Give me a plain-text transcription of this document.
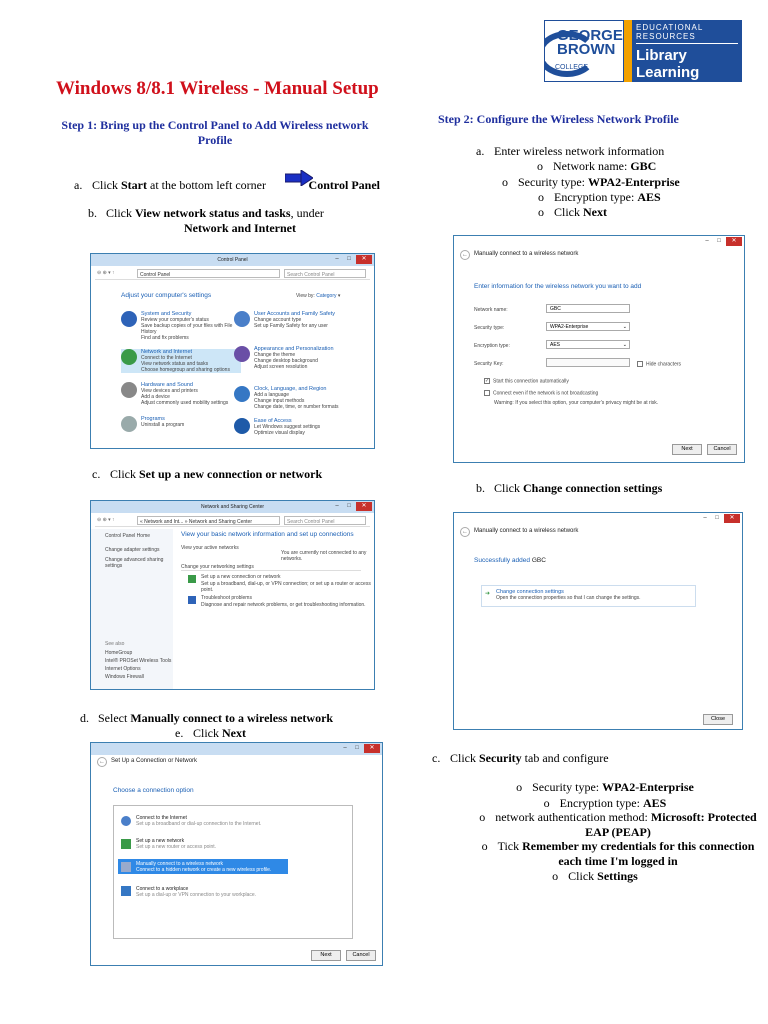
GEORGE
BROWN
COLLEGE
EDUCATIONAL RESOURCES
Library Learning
Commons
Windows 8/8.1 Wireless - Manual Setup
Step 1: Bring up the Control Panel to Add Wireless network Profile
a. Click Start at the bottom left corner	Control Panel
b. Click View network status and tasks, under
Network and Internet
Control Panel	–	□	✕
⊖ ⊕ ▾ ↑	Control Panel	Search Control Panel
Adjust your computer's settings	View by: Category ▾
System and Security
Review your computer's status
Save backup copies of your files with File History
Find and fix problems
Network and Internet
Connect to the Internet
View network status and tasks
Choose homegroup and sharing options
Hardware and Sound
View devices and printers
Add a device
Adjust commonly used mobility settings
Programs
Uninstall a program
User Accounts and Family Safety
Change account type
Set up Family Safety for any user
Appearance and Personalization
Change the theme
Change desktop background
Adjust screen resolution
Clock, Language, and Region
Add a language
Change input methods
Change date, time, or number formats
Ease of Access
Let Windows suggest settings
Optimize visual display
c. Click Set up a new connection or network
Network and Sharing Center	–	□	✕
⊖ ⊕ ▾ ↑	« Network and Int... » Network and Sharing Center	Search Control Panel
Control Panel Home
Change adapter settings
Change advanced sharing settings
See also
HomeGroup
Intel® PROSet Wireless Tools
Internet Options
Windows Firewall
View your basic network information and set up connections
View your active networks
You are currently not connected to any networks.
Change your networking settings
Set up a new connection or network
Set up a broadband, dial-up, or VPN connection; or set up a router or access point.
Troubleshoot problems
Diagnose and repair network problems, or get troubleshooting information.
d. Select Manually connect to a wireless network
e. Click Next
–	□	✕
←	Set Up a Connection or Network
Choose a connection option
Connect to the Internet
Set up a broadband or dial-up connection to the Internet.
Set up a new network
Set up a new router or access point.
Manually connect to a wireless network
Connect to a hidden network or create a new wireless profile.
Connect to a workplace
Set up a dial-up or VPN connection to your workplace.
Next	Cancel
Step 2: Configure the Wireless Network Profile
a. Enter wireless network information
o Network name: GBC
o Security type: WPA2-Enterprise
o Encryption type: AES
o Click Next
–	□	✕
←	Manually connect to a wireless network
Enter information for the wireless network you want to add
Network name:	GBC
Security type:	WPA2-Enterprise	⌄
Encryption type:	AES	⌄
Security Key:	Hide characters
✓ Start this connection automatically
Connect even if the network is not broadcasting
Warning: If you select this option, your computer's privacy might be at risk.
Next	Cancel
b. Click Change connection settings
–	□	✕
←	Manually connect to a wireless network
Successfully added GBC
➜ Change connection settings
Open the connection properties so that I can change the settings.
Close
c. Click Security tab and configure
o Security type: WPA2-Enterprise
o Encryption type: AES
o network authentication method: Microsoft: Protected EAP (PEAP)
o Tick Remember my credentials for this connection each time I'm logged in
o Click Settings
